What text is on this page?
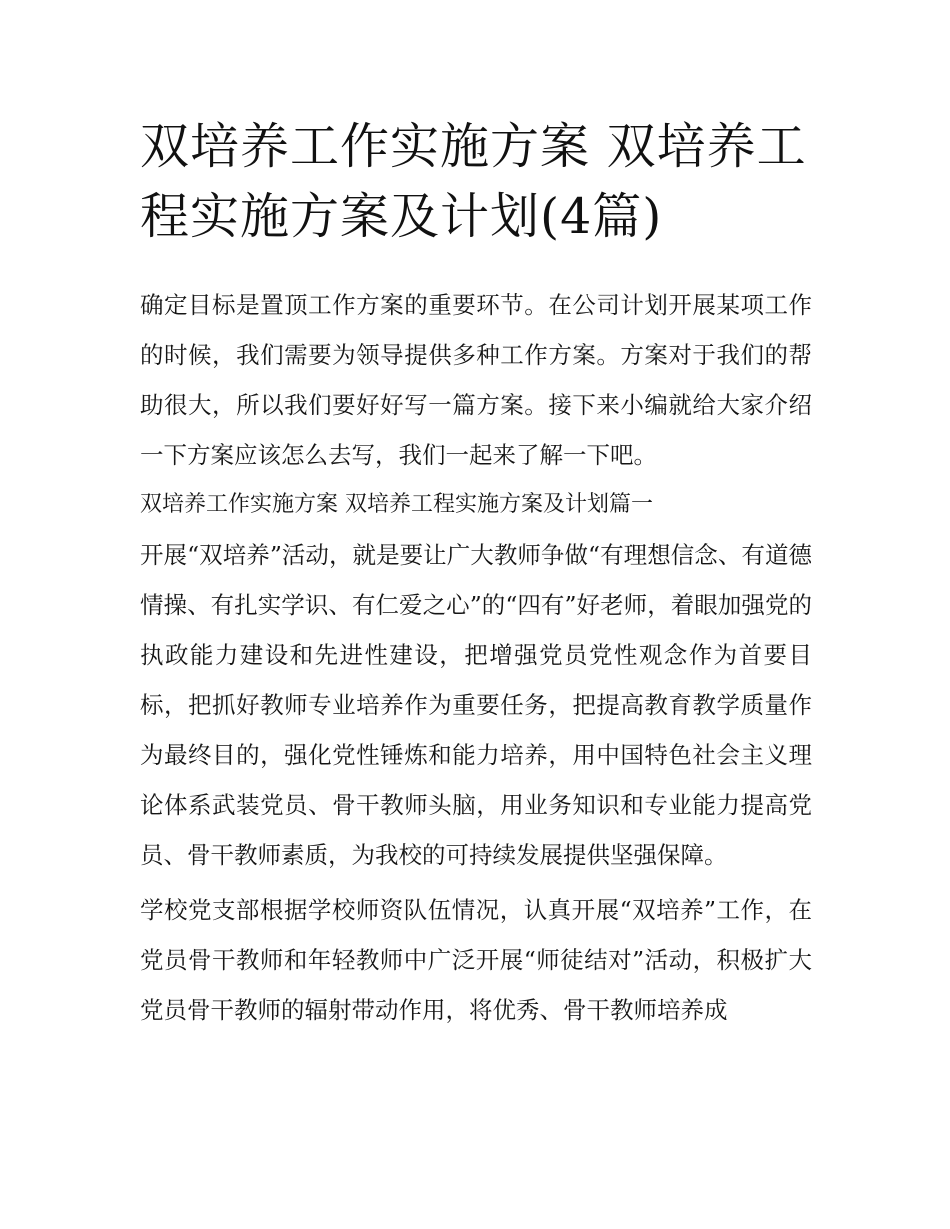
双培养工作实施方案 双培养工程实施方案及计划(4篇)

确定目标是置顶工作方案的重要环节。在公司计划开展某项工作的时候，我们需要为领导提供多种工作方案。方案对于我们的帮助很大，所以我们要好好写一篇方案。接下来小编就给大家介绍一下方案应该怎么去写，我们一起来了解一下吧。

双培养工作实施方案 双培养工程实施方案及计划篇一

开展“双培养”活动，就是要让广大教师争做“有理想信念、有道德情操、有扎实学识、有仁爱之心”的“四有”好老师，着眼加强党的执政能力建设和先进性建设，把增强党员党性观念作为首要目标，把抓好教师专业培养作为重要任务，把提高教育教学质量作为最终目的，强化党性锤炼和能力培养，用中国特色社会主义理论体系武装党员、骨干教师头脑，用业务知识和专业能力提高党员、骨干教师素质，为我校的可持续发展提供坚强保障。

学校党支部根据学校师资队伍情况，认真开展“双培养”工作，在党员骨干教师和年轻教师中广泛开展“师徒结对”活动，积极扩大党员骨干教师的辐射带动作用，将优秀、骨干教师培养成
